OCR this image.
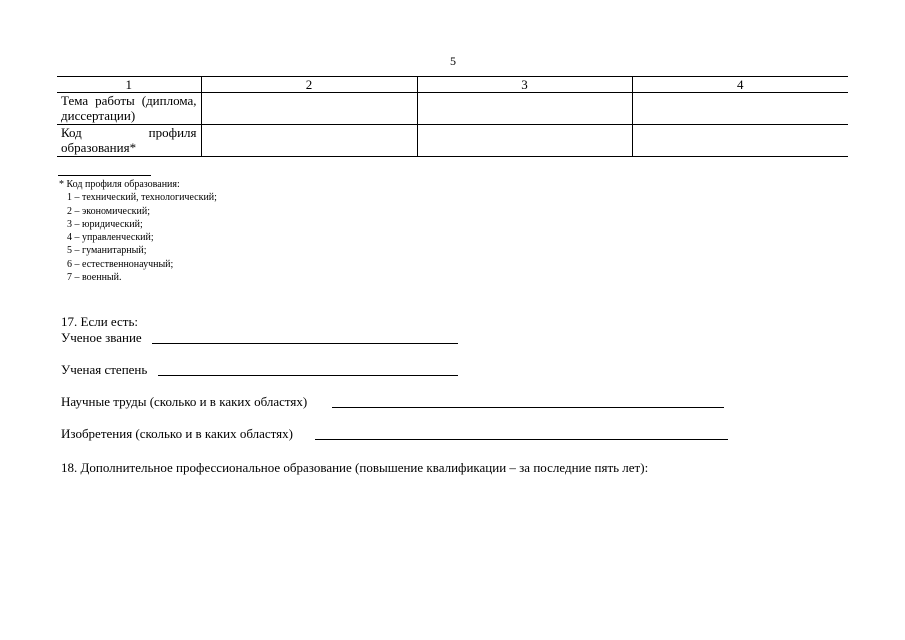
5
1	2	3	4
Тема работы (диплома, диссертации)			
Код профиля образования*			
* Код профиля образования:
1 – технический, технологический;
2 – экономический;
3 – юридический;
4 – управленческий;
5 – гуманитарный;
6 – естественнонаучный;
7 – военный.
17. Если есть:
Ученое звание
Ученая степень
Научные труды (сколько и в каких областях)
Изобретения (сколько и в каких областях)
18. Дополнительное профессиональное образование (повышение квалификации – за последние пять лет):
